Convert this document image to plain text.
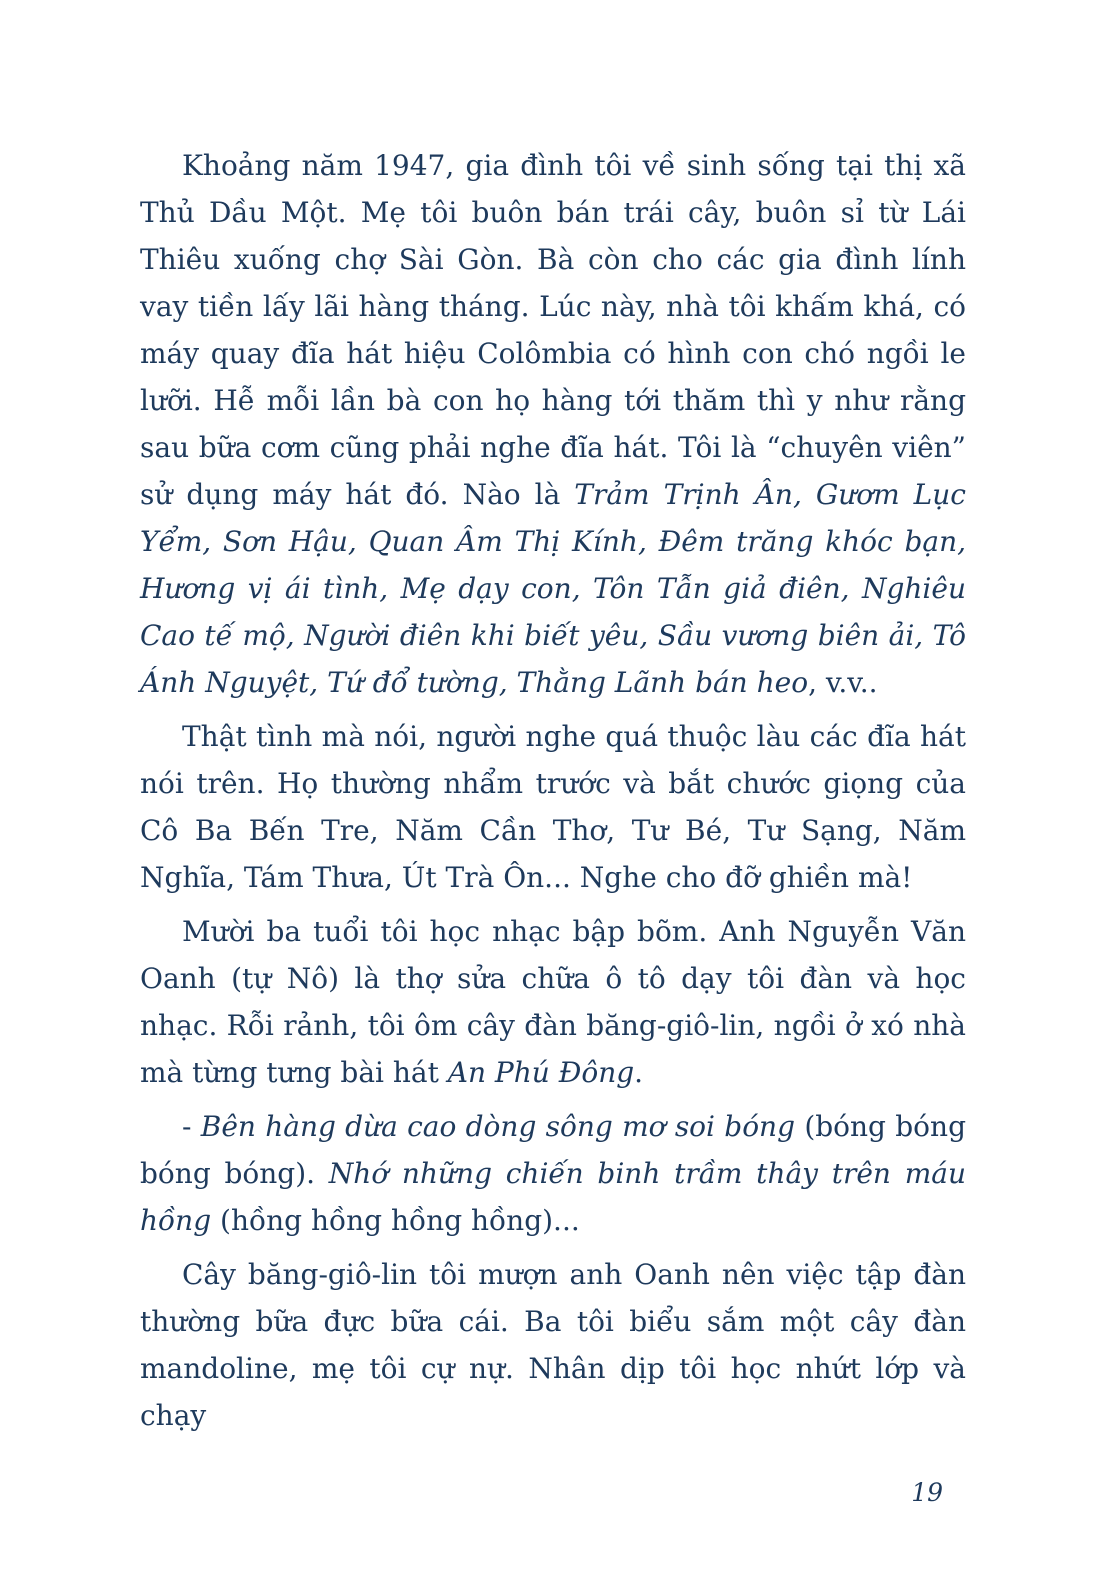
Khoảng năm 1947, gia đình tôi về sinh sống tại thị xã Thủ Dầu Một. Mẹ tôi buôn bán trái cây, buôn sỉ từ Lái Thiêu xuống chợ Sài Gòn. Bà còn cho các gia đình lính vay tiền lấy lãi hàng tháng. Lúc này, nhà tôi khấm khá, có máy quay đĩa hát hiệu Colômbia có hình con chó ngồi le lưỡi. Hễ mỗi lần bà con họ hàng tới thăm thì y như rằng sau bữa cơm cũng phải nghe đĩa hát. Tôi là “chuyên viên” sử dụng máy hát đó. Nào là Trảm Trịnh Ân, Gươm Lục Yểm, Sơn Hậu, Quan Âm Thị Kính, Đêm trăng khóc bạn, Hương vị ái tình, Mẹ dạy con, Tôn Tẫn giả điên, Nghiêu Cao tế mộ, Người điên khi biết yêu, Sầu vương biên ải, Tô Ánh Nguyệt, Tứ đổ tường, Thằng Lãnh bán heo, v.v..

Thật tình mà nói, người nghe quá thuộc làu các đĩa hát nói trên. Họ thường nhẩm trước và bắt chước giọng của Cô Ba Bến Tre, Năm Cần Thơ, Tư Bé, Tư Sạng, Năm Nghĩa, Tám Thưa, Út Trà Ôn... Nghe cho đỡ ghiền mà!

Mười ba tuổi tôi học nhạc bập bõm. Anh Nguyễn Văn Oanh (tự Nô) là thợ sửa chữa ô tô dạy tôi đàn và học nhạc. Rỗi rảnh, tôi ôm cây đàn băng-giô-lin, ngồi ở xó nhà mà từng tưng bài hát An Phú Đông.

- Bên hàng dừa cao dòng sông mơ soi bóng (bóng bóng bóng bóng). Nhớ những chiến binh trầm thây trên máu hồng (hồng hồng hồng hồng)...

Cây băng-giô-lin tôi mượn anh Oanh nên việc tập đàn thường bữa đực bữa cái. Ba tôi biểu sắm một cây đàn mandoline, mẹ tôi cự nự. Nhân dịp tôi học nhứt lớp và chạy

19
